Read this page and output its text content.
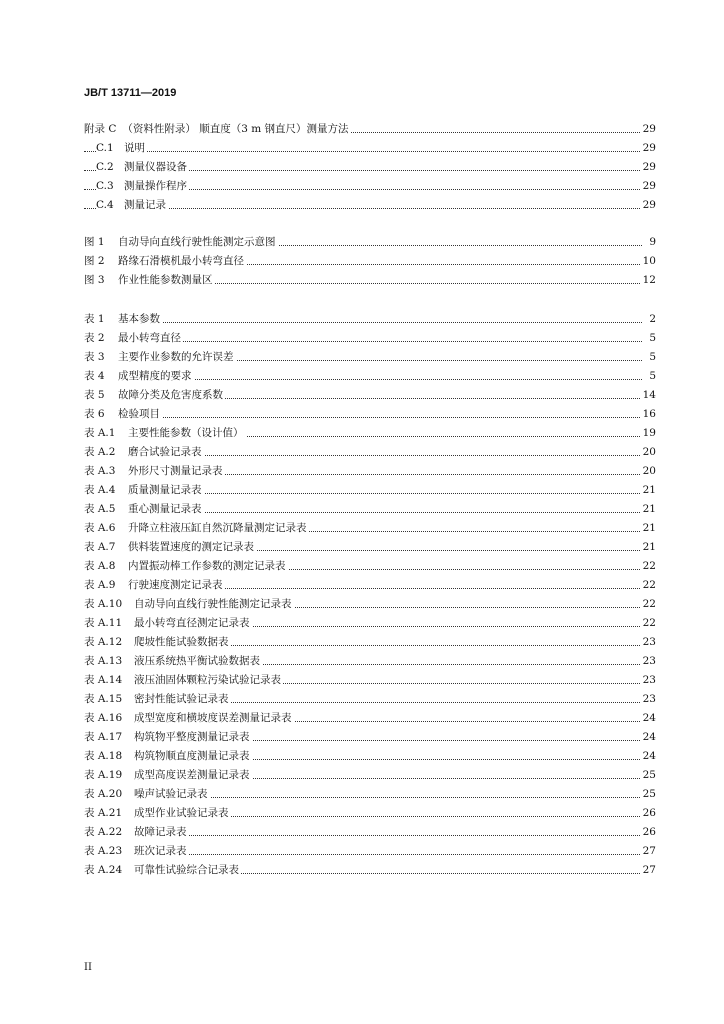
JB/T 13711—2019
附录 C （资料性附录） 顺直度（3 m 钢直尺）测量方法	29
C.1 说明	29
C.2 测量仪器设备	29
C.3 测量操作程序	29
C.4 测量记录	29
图 1 自动导向直线行驶性能测定示意图	9
图 2 路缘石滑模机最小转弯直径	10
图 3 作业性能参数测量区	12
表 1 基本参数	2
表 2 最小转弯直径	5
表 3 主要作业参数的允许误差	5
表 4 成型精度的要求	5
表 5 故障分类及危害度系数	14
表 6 检验项目	16
表 A.1 主要性能参数（设计值）	19
表 A.2 磨合试验记录表	20
表 A.3 外形尺寸测量记录表	20
表 A.4 质量测量记录表	21
表 A.5 重心测量记录表	21
表 A.6 升降立柱液压缸自然沉降量测定记录表	21
表 A.7 供料装置速度的测定记录表	21
表 A.8 内置振动棒工作参数的测定记录表	22
表 A.9 行驶速度测定记录表	22
表 A.10 自动导向直线行驶性能测定记录表	22
表 A.11 最小转弯直径测定记录表	22
表 A.12 爬坡性能试验数据表	23
表 A.13 液压系统热平衡试验数据表	23
表 A.14 液压油固体颗粒污染试验记录表	23
表 A.15 密封性能试验记录表	23
表 A.16 成型宽度和横坡度误差测量记录表	24
表 A.17 构筑物平整度测量记录表	24
表 A.18 构筑物顺直度测量记录表	24
表 A.19 成型高度误差测量记录表	25
表 A.20 噪声试验记录表	25
表 A.21 成型作业试验记录表	26
表 A.22 故障记录表	26
表 A.23 班次记录表	27
表 A.24 可靠性试验综合记录表	27
II
